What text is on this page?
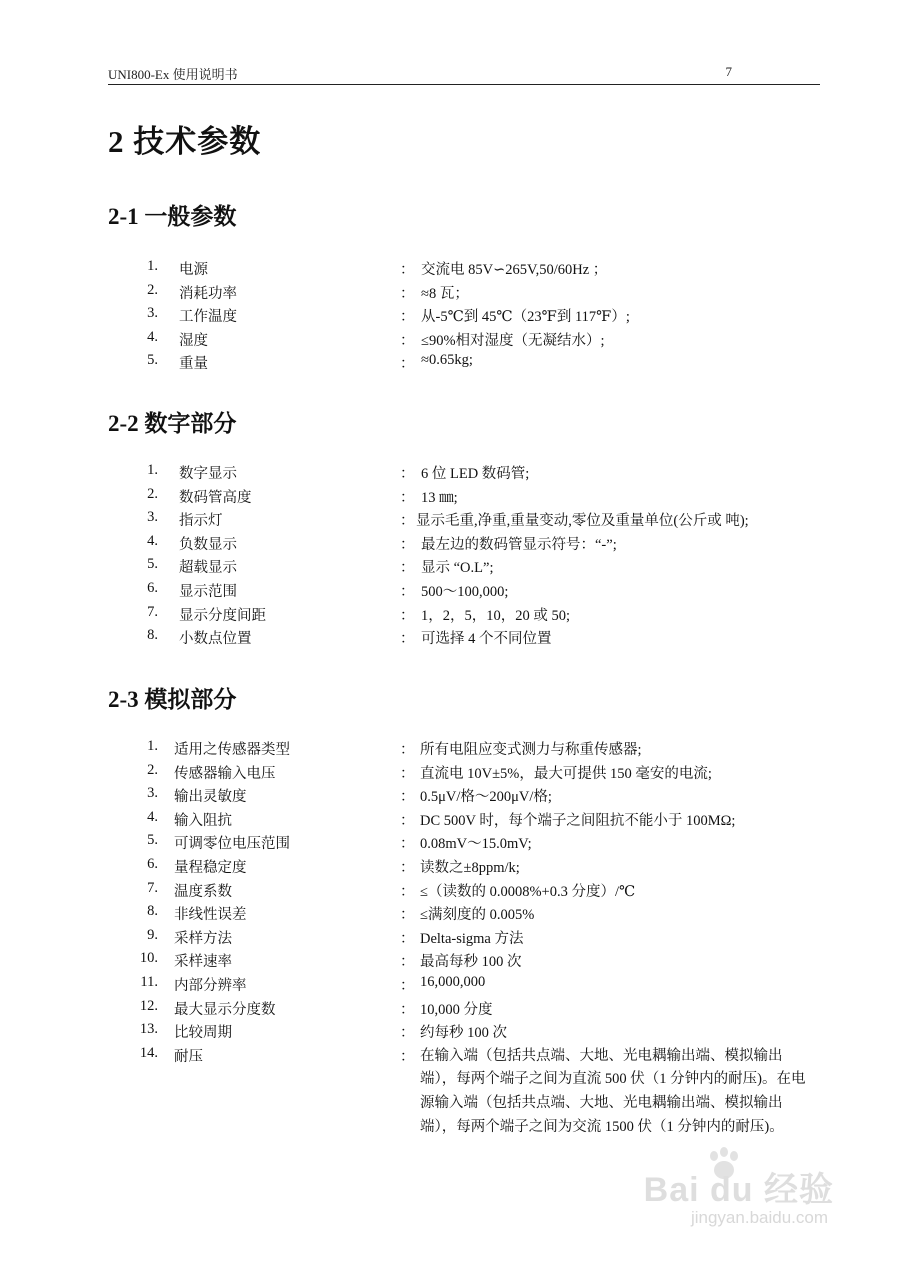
UNI800-Ex 使用说明书	7
2 技术参数
2-1 一般参数
1. 电源	： 交流电 85V∽265V,50/60Hz ；
2. 消耗功率	： ≈8 瓦；
3. 工作温度	： 从-5℃到 45℃（23℉到 117℉）;
4. 湿度	： ≤90%相对湿度（无凝结水）;
5. 重量	： ≈0.65kg;
2-2 数字部分
1. 数字显示	： 6 位 LED 数码管;
2. 数码管高度	： 13 ㎜;
3. 指示灯	： 显示毛重,净重,重量变动,零位及重量单位(公斤或 吨);
4. 负数显示	： 最左边的数码管显示符号：“-”;
5. 超载显示	： 显示 “O.L”;
6. 显示范围	： 500～100,000;
7. 显示分度间距	： 1，2，5，10，20 或 50;
8. 小数点位置	： 可选择 4 个不同位置
2-3 模拟部分
1. 适用之传感器类型	： 所有电阻应变式测力与称重传感器;
2. 传感器输入电压	： 直流电 10V±5%，最大可提供 150 毫安的电流;
3. 输出灵敏度	： 0.5μV/格～200μV/格;
4. 输入阻抗	： DC 500V 时，每个端子之间阻抗不能小于 100MΩ;
5. 可调零位电压范围	： 0.08mV～15.0mV;
6. 量程稳定度	： 读数之±8ppm/k;
7. 温度系数	： ≤（读数的 0.0008%+0.3 分度）/℃
8. 非线性误差	： ≤满刻度的 0.005%
9. 采样方法	： Delta-sigma 方法
10. 采样速率	： 最高每秒 100 次
11. 内部分辨率	： 16,000,000
12. 最大显示分度数	： 10,000 分度
13. 比较周期	： 约每秒 100 次
14. 耐压	： 在输入端（包括共点端、大地、光电耦输出端、模拟输出端），每两个端子之间为直流 500 伏（1 分钟内的耐压)。在电源输入端（包括共点端、大地、光电耦输出端、模拟输出端），每两个端子之间为交流 1500 伏（1 分钟内的耐压)。
Bai du 经验
jingyan.baidu.com
